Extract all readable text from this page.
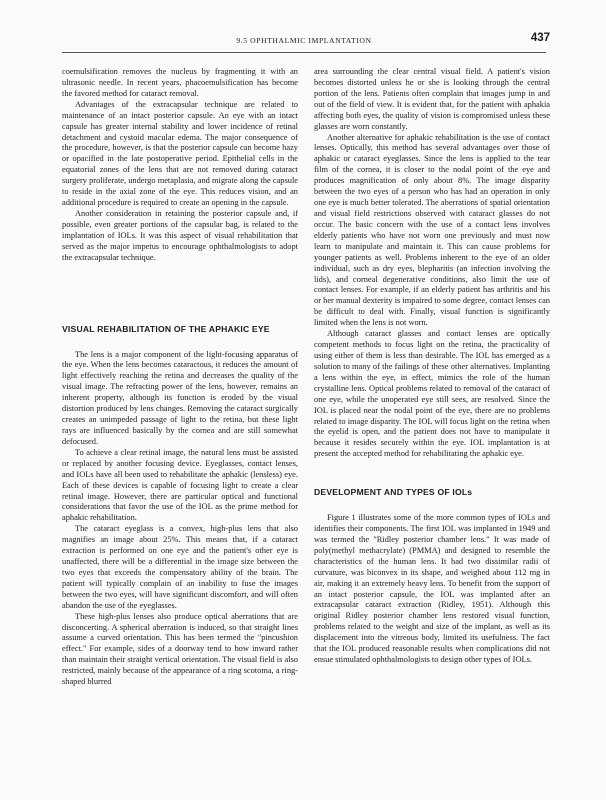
9.5 OPHTHALMIC IMPLANTATION	437

coemulsification removes the nucleus by fragmenting it with an ultrasonic needle. In recent years, phacoemulsification has become the favored method for cataract removal.

Advantages of the extracapsular technique are related to maintenance of an intact posterior capsule. An eye with an intact capsule has greater internal stability and lower incidence of retinal detachment and cystoid macular edema. The major consequence of the procedure, however, is that the posterior capsule can become hazy or opacified in the late postoperative period. Epithelial cells in the equatorial zones of the lens that are not removed during cataract surgery proliferate, undergo metaplasia, and migrate along the capsule to reside in the axial zone of the eye. This reduces vision, and an additional procedure is required to create an opening in the capsule.

Another consideration in retaining the posterior capsule and, if possible, even greater portions of the capsular bag, is related to the implantation of IOLs. It was this aspect of visual rehabilitation that served as the major impetus to encourage ophthalmologists to adopt the extracapsular technique.

VISUAL REHABILITATION OF THE APHAKIC EYE

The lens is a major component of the light-focusing apparatus of the eye. When the lens becomes cataractous, it reduces the amount of light effectively reaching the retina and decreases the quality of the visual image. The refracting power of the lens, however, remains an inherent property, although its function is eroded by the visual distortion produced by lens changes. Removing the cataract surgically creates an unimpeded passage of light to the retina, but these light rays are influenced basically by the cornea and are still somewhat defocused.

To achieve a clear retinal image, the natural lens must be assisted or replaced by another focusing device. Eyeglasses, contact lenses, and IOLs have all been used to rehabilitate the aphakic (lensless) eye. Each of these devices is capable of focusing light to create a clear retinal image. However, there are particular optical and functional considerations that favor the use of the IOL as the prime method for aphakic rehabilitation.

The cataract eyeglass is a convex, high-plus lens that also magnifies an image about 25%. This means that, if a cataract extraction is performed on one eye and the patient's other eye is unaffected, there will be a differential in the image size between the two eyes that exceeds the compensatory ability of the brain. The patient will typically complain of an inability to fuse the images between the two eyes, will have significant discomfort, and will often abandon the use of the eyeglasses.

These high-plus lenses also produce optical aberrations that are disconcerting. A spherical aberration is induced, so that straight lines assume a curved orientation. This has been termed the "pincushion effect." For example, sides of a doorway tend to bow inward rather than maintain their straight vertical orientation. The visual field is also restricted, mainly because of the appearance of a ring scotoma, a ring-shaped blurred

area surrounding the clear central visual field. A patient's vision becomes distorted unless he or she is looking through the central portion of the lens. Patients often complain that images jump in and out of the field of view. It is evident that, for the patient with aphakia affecting both eyes, the quality of vision is compromised unless these glasses are worn constantly.

Another alternative for aphakic rehabilitation is the use of contact lenses. Optically, this method has several advantages over those of aphakic or cataract eyeglasses. Since the lens is applied to the tear film of the cornea, it is closer to the nodal point of the eye and produces magnification of only about 8%. The image disparity between the two eyes of a person who has had an operation in only one eye is much better tolerated. The aberrations of spatial orientation and visual field restrictions observed with cataract glasses do not occur. The basic concern with the use of a contact lens involves elderly patients who have not worn one previously and must now learn to manipulate and maintain it. This can cause problems for younger patients as well. Problems inherent to the eye of an older individual, such as dry eyes, blepharitis (an infection involving the lids), and corneal degenerative conditions, also limit the use of contact lenses. For example, if an elderly patient has arthritis and his or her manual dexterity is impaired to some degree, contact lenses can be difficult to deal with. Finally, visual function is significantly limited when the lens is not worn.

Although cataract glasses and contact lenses are optically competent methods to focus light on the retina, the practicality of using either of them is less than desirable. The IOL has emerged as a solution to many of the failings of these other alternatives. Implanting a lens within the eye, in effect, mimics the role of the human crystalline lens. Optical problems related to removal of the cataract of one eye, while the unoperated eye still sees, are resolved. Since the IOL is placed near the nodal point of the eye, there are no problems related to image disparity. The IOL will focus light on the retina when the eyelid is open, and the patient does not have to manipulate it because it resides securely within the eye. IOL implantation is at present the accepted method for rehabilitating the aphakic eye.

DEVELOPMENT AND TYPES OF IOLs

Figure 1 illustrates some of the more common types of IOLs and identifies their components. The first IOL was implanted in 1949 and was termed the "Ridley posterior chamber lens." It was made of poly(methyl methacrylate) (PMMA) and designed to resemble the characteristics of the human lens. It had two dissimilar radii of curvature, was biconvex in its shape, and weighed about 112 mg in air, making it an extremely heavy lens. To benefit from the support of an intact posterior capsule, the IOL was implanted after an extracapsular cataract extraction (Ridley, 1951). Although this original Ridley posterior chamber lens restored visual function, problems related to the weight and size of the implant, as well as its displacement into the vitreous body, limited its usefulness. The fact that the IOL produced reasonable results when complications did not ensue stimulated ophthalmologists to design other types of IOLs.
